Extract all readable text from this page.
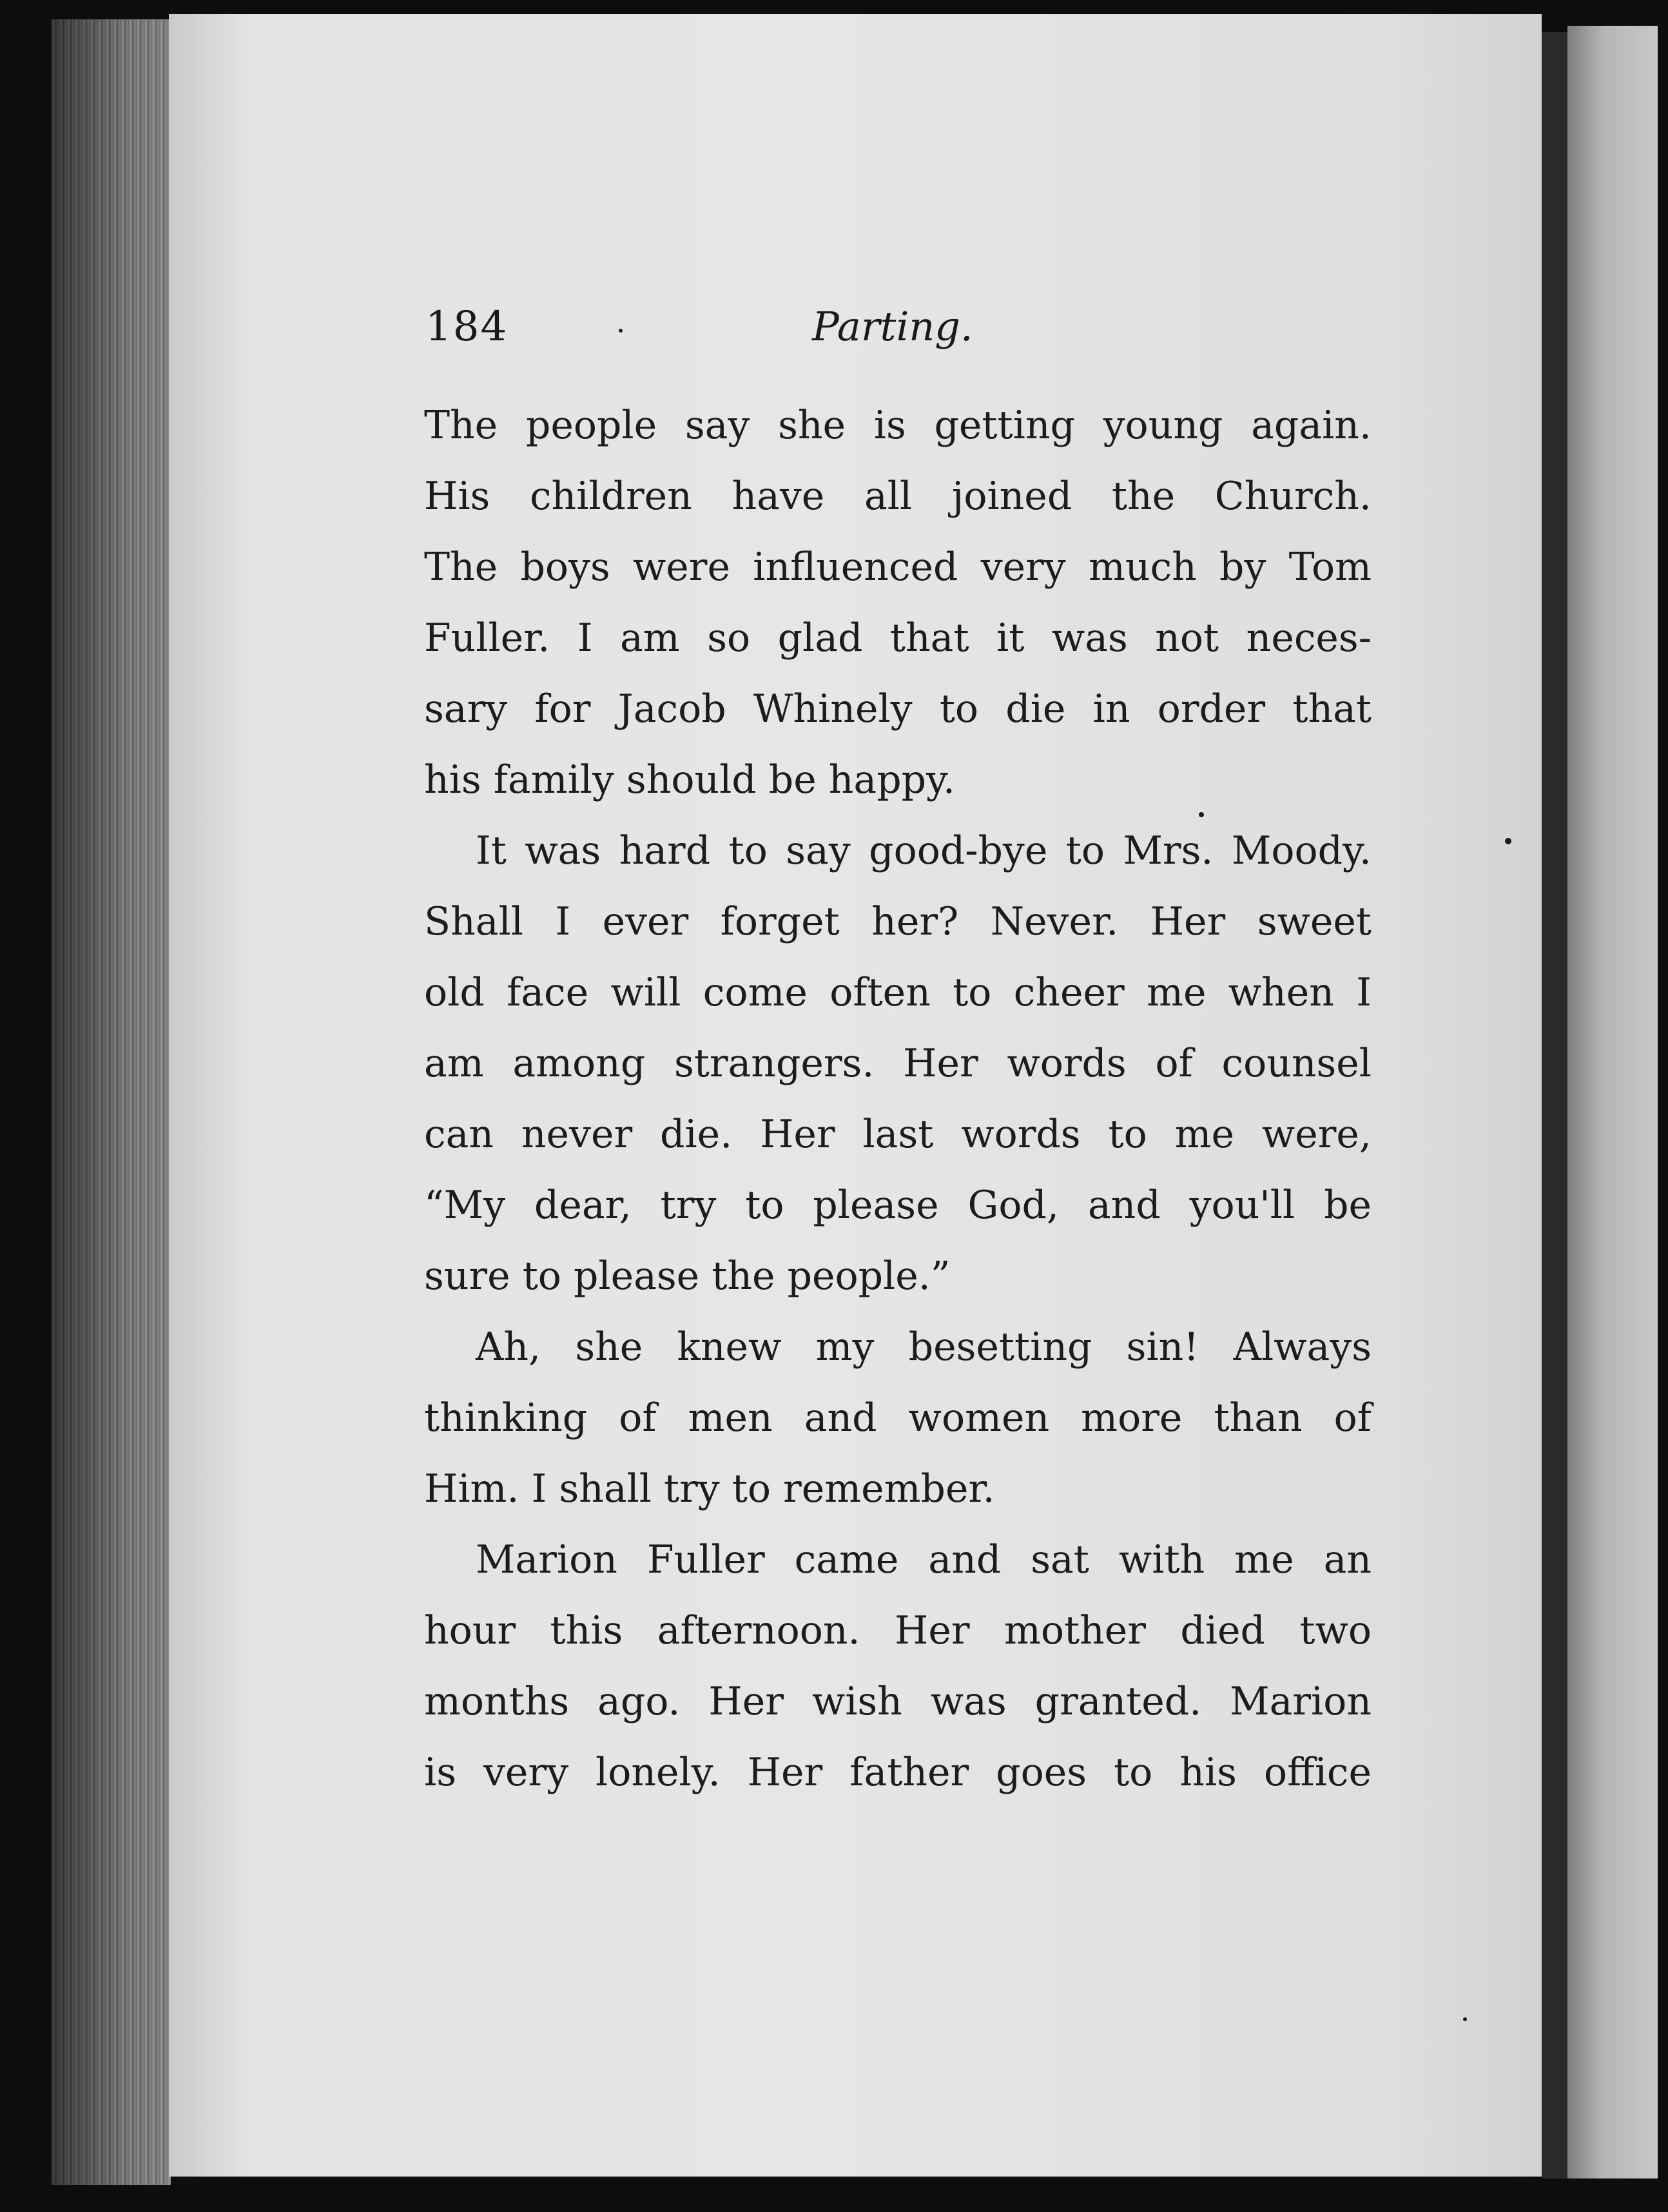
184	Parting.

The people say she is getting young again.
His children have all joined the Church.
The boys were influenced very much by Tom
Fuller. I am so glad that it was not neces-
sary for Jacob Whinely to die in order that
his family should be happy.

It was hard to say good-bye to Mrs. Moody.
Shall I ever forget her? Never. Her sweet
old face will come often to cheer me when I
am among strangers. Her words of counsel
can never die. Her last words to me were,
“My dear, try to please God, and you'll be
sure to please the people.”

Ah, she knew my besetting sin! Always
thinking of men and women more than of
Him. I shall try to remember.

Marion Fuller came and sat with me an
hour this afternoon. Her mother died two
months ago. Her wish was granted. Marion
is very lonely. Her father goes to his office
